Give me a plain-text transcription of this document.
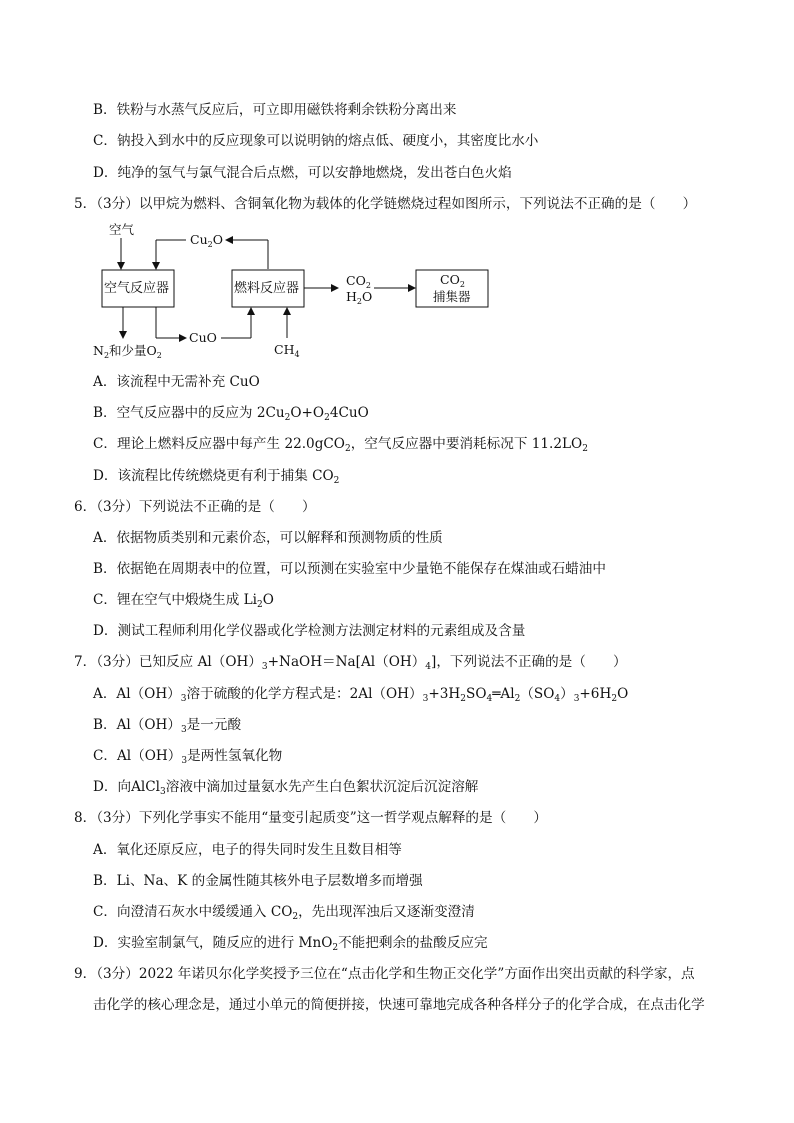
B．铁粉与水蒸气反应后，可立即用磁铁将剩余铁粉分离出来
C．钠投入到水中的反应现象可以说明钠的熔点低、硬度小，其密度比水小
D．纯净的氢气与氯气混合后点燃，可以安静地燃烧，发出苍白色火焰
5．（3分）以甲烷为燃料、含铜氧化物为载体的化学链燃烧过程如图所示，下列说法不正确的是（　　）
空气
$Cu_2O$
空气反应器	燃料反应器
$CO_2$
$H_2O$
$CO_2$
捕集器
CuO
$N_2$和少量$O_2$	$CH_4$
A．该流程中无需补充 CuO
B．空气反应器中的反应为 $2Cu_2O+O_24CuO$
C．理论上燃料反应器中每产生 22.0gCO$_2$，空气反应器中要消耗标况下 $11.2LO_2$
D．该流程比传统燃烧更有利于捕集 $CO_2$
6．（3分）下列说法不正确的是（　　）
A．依据物质类别和元素价态，可以解释和预测物质的性质
B．依据铯在周期表中的位置，可以预测在实验室中少量铯不能保存在煤油或石蜡油中
C．锂在空气中煅烧生成 $Li_2O$
D．测试工程师利用化学仪器或化学检测方法测定材料的元素组成及含量
7．（3分）已知反应 $Al(OH)_3+NaOH=Na[Al(OH)_4]$，下列说法不正确的是（　　）
A．$Al(OH)_3$溶于硫酸的化学方程式是：$2Al(OH)_3+3H_2SO_4═Al_2(SO_4)_3+6H_2O$
B．$Al(OH)_3$是一元酸
C．$Al(OH)_3$是两性氢氧化物
D．向AlCl$_3$溶液中滴加过量氨水先产生白色絮状沉淀后沉淀溶解
8．（3分）下列化学事实不能用“量变引起质变”这一哲学观点解释的是（　　）
A．氧化还原反应，电子的得失同时发生且数目相等
B．Li、Na、K 的金属性随其核外电子层数增多而增强
C．向澄清石灰水中缓缓通入 $CO_2$，先出现浑浊后又逐渐变澄清
D．实验室制氯气，随反应的进行 MnO$_2$不能把剩余的盐酸反应完
9．（3分）2022 年诺贝尔化学奖授予三位在“点击化学和生物正交化学”方面作出突出贡献的科学家，点
击化学的核心理念是，通过小单元的简便拼接，快速可靠地完成各种各样分子的化学合成，在点击化学
